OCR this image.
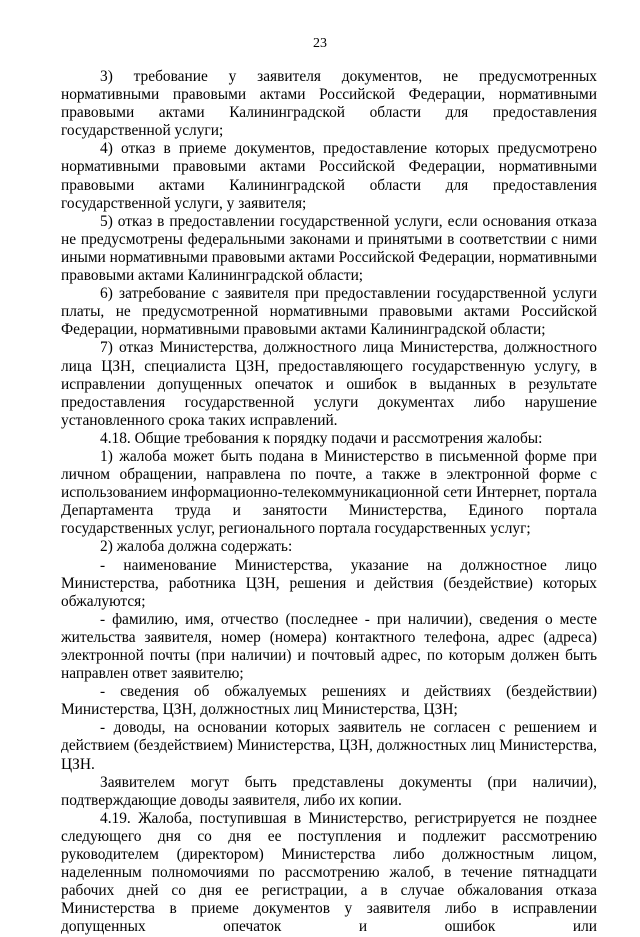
23

3) требование у заявителя документов, не предусмотренных нормативными правовыми актами Российской Федерации, нормативными правовыми актами Калининградской области для предоставления государственной услуги;

4) отказ в приеме документов, предоставление которых предусмотрено нормативными правовыми актами Российской Федерации, нормативными правовыми актами Калининградской области для предоставления государственной услуги, у заявителя;

5) отказ в предоставлении государственной услуги, если основания отказа не предусмотрены федеральными законами и принятыми в соответствии с ними иными нормативными правовыми актами Российской Федерации, нормативными правовыми актами Калининградской области;

6) затребование с заявителя при предоставлении государственной услуги платы, не предусмотренной нормативными правовыми актами Российской Федерации, нормативными правовыми актами Калининградской области;

7) отказ Министерства, должностного лица Министерства, должностного лица ЦЗН, специалиста ЦЗН, предоставляющего государственную услугу, в исправлении допущенных опечаток и ошибок в выданных в результате предоставления государственной услуги документах либо нарушение установленного срока таких исправлений.

4.18. Общие требования к порядку подачи и рассмотрения жалобы:

1) жалоба может быть подана в Министерство в письменной форме при личном обращении, направлена по почте, а также в электронной форме с использованием информационно-телекоммуникационной сети Интернет, портала Департамента труда и занятости Министерства, Единого портала государственных услуг, регионального портала государственных услуг;

2) жалоба должна содержать:

- наименование Министерства, указание на должностное лицо Министерства, работника ЦЗН, решения и действия (бездействие) которых обжалуются;

- фамилию, имя, отчество (последнее - при наличии), сведения о месте жительства заявителя, номер (номера) контактного телефона, адрес (адреса) электронной почты (при наличии) и почтовый адрес, по которым должен быть направлен ответ заявителю;

- сведения об обжалуемых решениях и действиях (бездействии) Министерства, ЦЗН, должностных лиц Министерства, ЦЗН;

- доводы, на основании которых заявитель не согласен с решением и действием (бездействием) Министерства, ЦЗН, должностных лиц Министерства, ЦЗН.

Заявителем могут быть представлены документы (при наличии), подтверждающие доводы заявителя, либо их копии.

4.19. Жалоба, поступившая в Министерство, регистрируется не позднее следующего дня со дня ее поступления и подлежит рассмотрению руководителем (директором) Министерства либо должностным лицом, наделенным полномочиями по рассмотрению жалоб, в течение пятнадцати рабочих дней со дня ее регистрации, а в случае обжалования отказа Министерства в приеме документов у заявителя либо в исправлении допущенных опечаток и ошибок или
